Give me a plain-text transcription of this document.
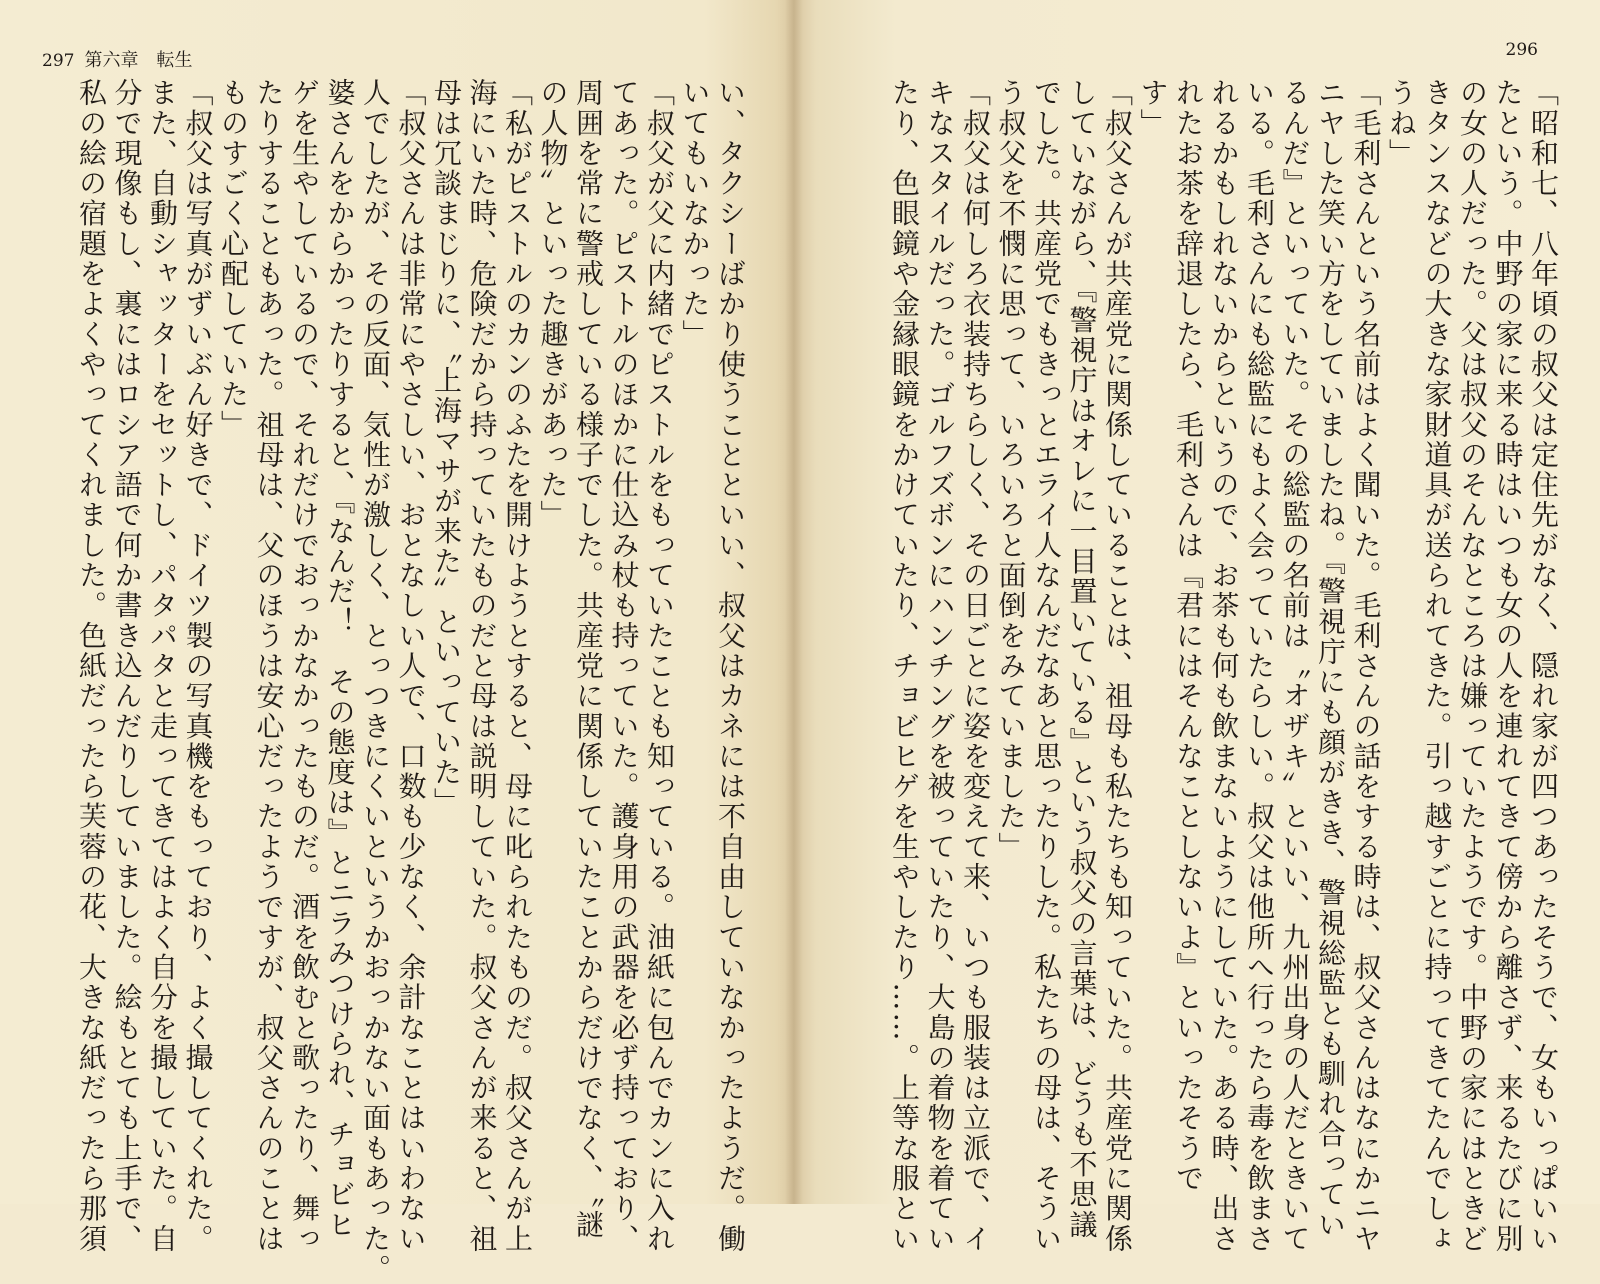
297 第六章　転生
い、タクシーばかり使うことといい、叔父はカネには不自由していなかったようだ。働
いてもいなかった」
「叔父が父に内緒でピストルをもっていたことも知っている。油紙に包んでカンに入れ
てあった。ピストルのほかに仕込み杖も持っていた。護身用の武器を必ず持っており、
周囲を常に警戒している様子でした。共産党に関係していたことからだけでなく、〝謎
の人物〟といった趣きがあった」
「私がピストルのカンのふたを開けようとすると、母に叱られたものだ。叔父さんが上
海にいた時、危険だから持っていたものだと母は説明していた。叔父さんが来ると、祖
母は冗談まじりに、〝上海マサが来た〟といっていた」
「叔父さんは非常にやさしい、おとなしい人で、口数も少なく、余計なことはいわない
人でしたが、その反面、気性が激しく、とっつきにくいというかおっかない面もあった。
婆さんをからかったりすると、『なんだ！　その態度は』とニラみつけられ、チョビヒ
ゲを生やしているので、それだけでおっかなかったものだ。酒を飲むと歌ったり、舞っ
たりすることもあった。祖母は、父のほうは安心だったようですが、叔父さんのことは
ものすごく心配していた」
「叔父は写真がずいぶん好きで、ドイツ製の写真機をもっており、よく撮してくれた。
また、自動シャッターをセットし、パタパタと走ってきてはよく自分を撮していた。自
分で現像もし、裏にはロシア語で何か書き込んだりしていました。絵もとても上手で、
私の絵の宿題をよくやってくれました。色紙だったら芙蓉の花、大きな紙だったら那須
296
「昭和七、八年頃の叔父は定住先がなく、隠れ家が四つあったそうで、女もいっぱいい
たという。中野の家に来る時はいつも女の人を連れてきて傍から離さず、来るたびに別
の女の人だった。父は叔父のそんなところは嫌っていたようです。中野の家にはときど
きタンスなどの大きな家財道具が送られてきた。引っ越すごとに持ってきてたんでしょ
うね」
「毛利さんという名前はよく聞いた。毛利さんの話をする時は、叔父さんはなにかニヤ
ニヤした笑い方をしていましたね。『警視庁にも顔がきき、警視総監とも馴れ合ってい
るんだ』といっていた。その総監の名前は〝オザキ〟といい、九州出身の人だときいて
いる。毛利さんにも総監にもよく会っていたらしい。叔父は他所へ行ったら毒を飲まさ
れるかもしれないからというので、お茶も何も飲まないようにしていた。ある時、出さ
れたお茶を辞退したら、毛利さんは『君にはそんなことしないよ』といったそうで
す」
「叔父さんが共産党に関係していることは、祖母も私たちも知っていた。共産党に関係
していながら、『警視庁はオレに一目置いている』という叔父の言葉は、どうも不思議
でした。共産党でもきっとエライ人なんだなあと思ったりした。私たちの母は、そうい
う叔父を不憫に思って、いろいろと面倒をみていました」
「叔父は何しろ衣装持ちらしく、その日ごとに姿を変えて来、いつも服装は立派で、イ
キなスタイルだった。ゴルフズボンにハンチングを被っていたり、大島の着物を着てい
たり、色眼鏡や金縁眼鏡をかけていたり、チョビヒゲを生やしたり……。上等な服とい
